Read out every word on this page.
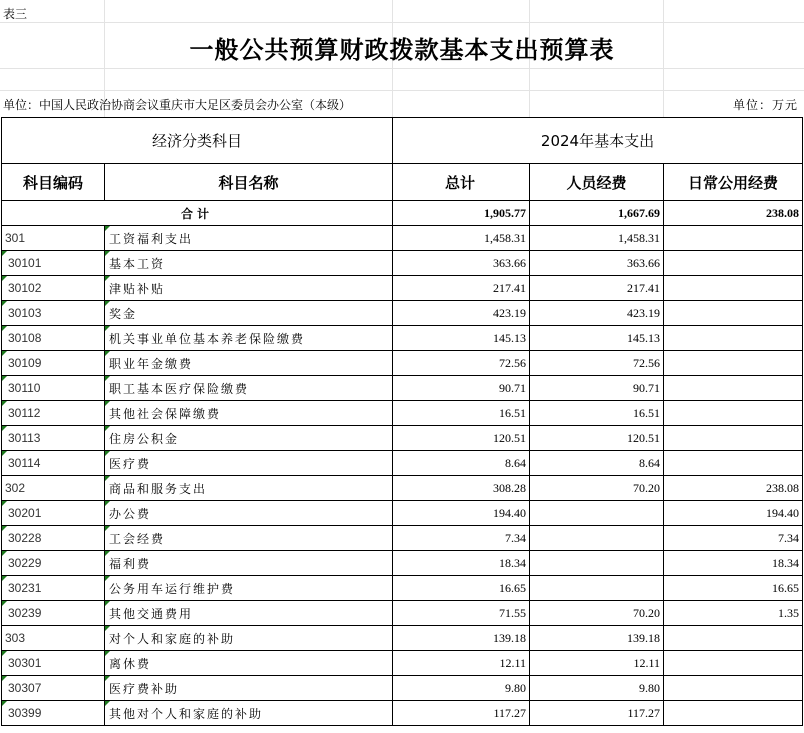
表三
一般公共预算财政拨款基本支出预算表
单位：中国人民政治协商会议重庆市大足区委员会办公室（本级）	单位：万元
经济分类科目		2024年基本支出		
科目编码	科目名称	总计	人员经费	日常公用经费
合计		1,905.77	1,667.69	238.08
301	工资福利支出	1,458.31	1,458.31	
30101	基本工资	363.66	363.66	
30102	津贴补贴	217.41	217.41	
30103	奖金	423.19	423.19	
30108	机关事业单位基本养老保险缴费	145.13	145.13	
30109	职业年金缴费	72.56	72.56	
30110	职工基本医疗保险缴费	90.71	90.71	
30112	其他社会保障缴费	16.51	16.51	
30113	住房公积金	120.51	120.51	
30114	医疗费	8.64	8.64	
302	商品和服务支出	308.28	70.20	238.08
30201	办公费	194.40		194.40
30228	工会经费	7.34		7.34
30229	福利费	18.34		18.34
30231	公务用车运行维护费	16.65		16.65
30239	其他交通费用	71.55	70.20	1.35
303	对个人和家庭的补助	139.18	139.18	
30301	离休费	12.11	12.11	
30307	医疗费补助	9.80	9.80	
30399	其他对个人和家庭的补助	117.27	117.27	
